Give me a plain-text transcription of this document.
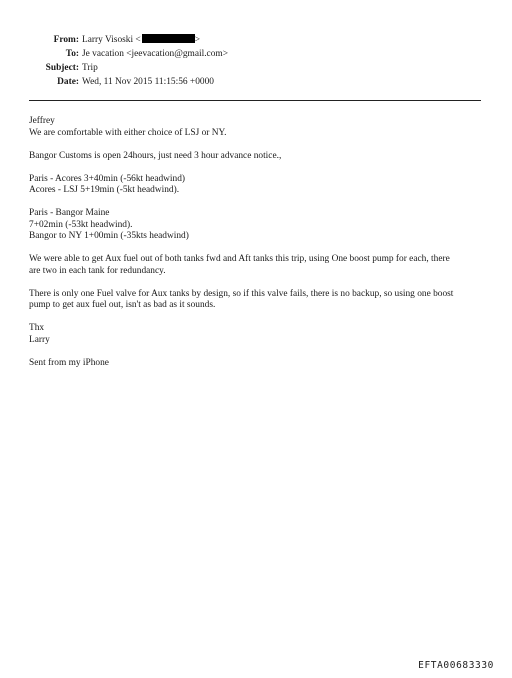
From: Larry Visoski <	>
To: Je vacation <jeevacation@gmail.com>
Subject: Trip
Date: Wed, 11 Nov 2015 11:15:56 +0000
Jeffrey
We are comfortable with either choice of LSJ or NY.
Bangor Customs is open 24hours, just need 3 hour advance notice.,
Paris - Acores 3+40min (-56kt headwind)
Acores - LSJ 5+19min (-5kt headwind).
Paris - Bangor Maine
7+02min (-53kt headwind).
Bangor to NY 1+00min (-35kts headwind)
We were able to get Aux fuel out of both tanks fwd and Aft tanks this trip, using One boost pump for each, there
are two in each tank for redundancy.
There is only one Fuel valve for Aux tanks by design, so if this valve fails, there is no backup, so using one boost
pump to get aux fuel out, isn't as bad as it sounds.
Thx
Larry
Sent from my iPhone
EFTA00683330
